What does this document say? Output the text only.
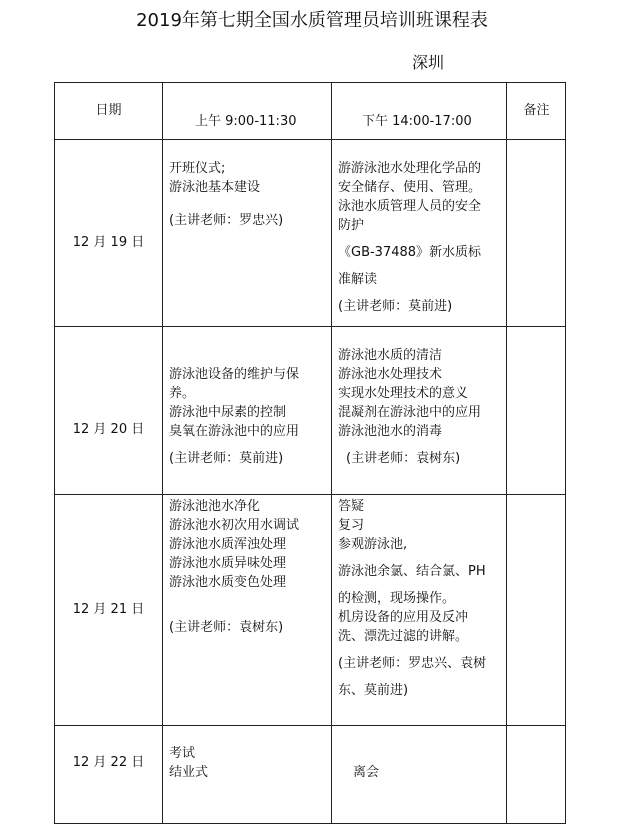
2019年第七期全国水质管理员培训班课程表
深圳
日期
上午 9:00-11:30	下午 14:00-17:00
备注
12 月 19 日
开班仪式;
游泳池基本建设
(主讲老师：罗忠兴)
游游泳池水处理化学品的
安全储存、使用、管理。
泳池水质管理人员的安全
防护
《GB-37488》新水质标
准解读
(主讲老师：莫前进)
12 月 20 日
游泳池设备的维护与保
养。
游泳池中尿素的控制
臭氧在游泳池中的应用
(主讲老师：莫前进)
游泳池水质的清洁
游泳池水处理技术
实现水处理技术的意义
混凝剂在游泳池中的应用
游泳池池水的消毒
(主讲老师：袁树东)
12 月 21 日
游泳池池水净化
游泳池水初次用水调试
游泳池水质浑浊处理
游泳池水质异味处理
游泳池水质变色处理
(主讲老师：袁树东)
答疑
复习
参观游泳池,
游泳池余氯、结合氯、PH
的检测，现场操作。
机房设备的应用及反冲
洗、漂洗过滤的讲解。
(主讲老师：罗忠兴、袁树
东、莫前进)
12 月 22 日
考试
结业式	离会
